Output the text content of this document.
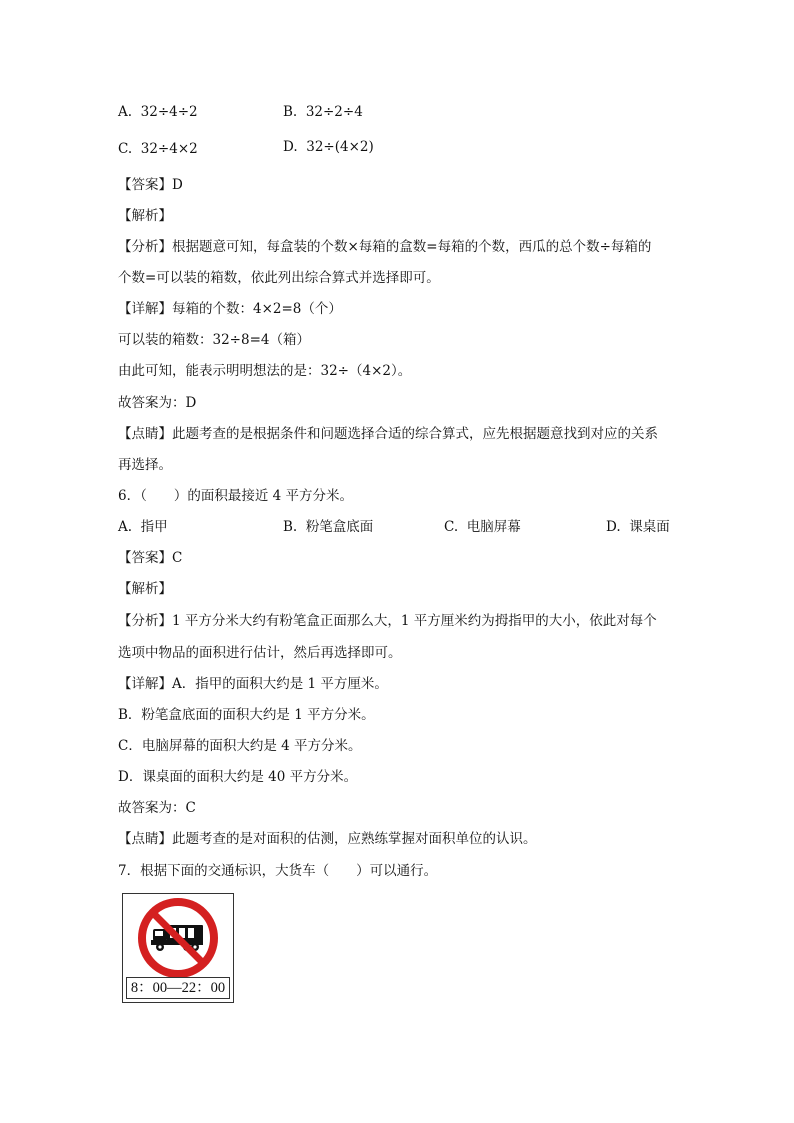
A. 32÷4÷2	B. 32÷2÷4
C. 32÷4×2	D. 32÷(4×2)
【答案】D
【解析】
【分析】根据题意可知，每盒装的个数×每箱的盒数=每箱的个数，西瓜的总个数÷每箱的
个数=可以装的箱数，依此列出综合算式并选择即可。
【详解】每箱的个数：4×2=8（个）
可以装的箱数：32÷8=4（箱）
由此可知，能表示明明想法的是：32÷（4×2）。
故答案为：D
【点睛】此题考查的是根据条件和问题选择合适的综合算式，应先根据题意找到对应的关系
再选择。
6．（　　）的面积最接近 4 平方分米。
A. 指甲	B. 粉笔盒底面	C. 电脑屏幕	D. 课桌面
【答案】C
【解析】
【分析】1 平方分米大约有粉笔盒正面那么大，1 平方厘米约为拇指甲的大小，依此对每个
选项中物品的面积进行估计，然后再选择即可。
【详解】A．指甲的面积大约是 1 平方厘米。
B．粉笔盒底面的面积大约是 1 平方分米。
C．电脑屏幕的面积大约是 4 平方分米。
D．课桌面的面积大约是 40 平方分米。
故答案为：C
【点睛】此题考查的是对面积的估测，应熟练掌握对面积单位的认识。
7．根据下面的交通标识，大货车（　　）可以通行。
8：00—22：00
